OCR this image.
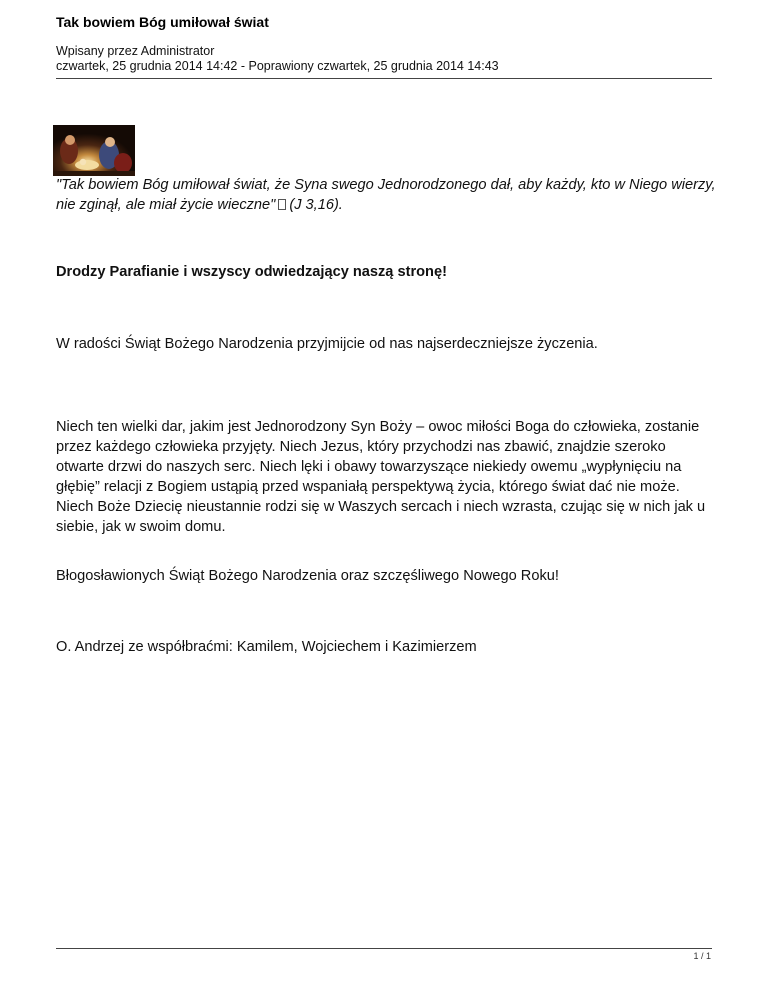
Tak bowiem Bóg umiłował świat
Wpisany przez Administrator
czwartek, 25 grudnia 2014 14:42 - Poprawiony czwartek, 25 grudnia 2014 14:43
"Tak bowiem Bóg umiłował świat, że Syna swego Jednorodzonego dał, aby każdy, kto w Niego wierzy, nie zginął, ale miał życie wieczne" (J 3,16).
Drodzy Parafianie i wszyscy odwiedzający naszą stronę!
W radości Świąt Bożego Narodzenia przyjmijcie od nas najserdeczniejsze życzenia.
Niech ten wielki dar, jakim jest Jednorodzony Syn Boży – owoc miłości Boga do człowieka, zostanie przez każdego człowieka przyjęty. Niech Jezus, który przychodzi nas zbawić, znajdzie szeroko otwarte drzwi do naszych serc. Niech lęki i obawy towarzyszące niekiedy owemu „wypłynięciu na głębię” relacji z Bogiem ustąpią przed wspaniałą perspektywą życia, którego świat dać nie może. Niech Boże Dziecię nieustannie rodzi się w Waszych sercach i niech wzrasta, czując się w nich jak u siebie, jak w swoim domu.
Błogosławionych Świąt Bożego Narodzenia oraz szczęśliwego Nowego Roku!
O. Andrzej ze współbraćmi: Kamilem, Wojciechem i Kazimierzem
1 / 1
